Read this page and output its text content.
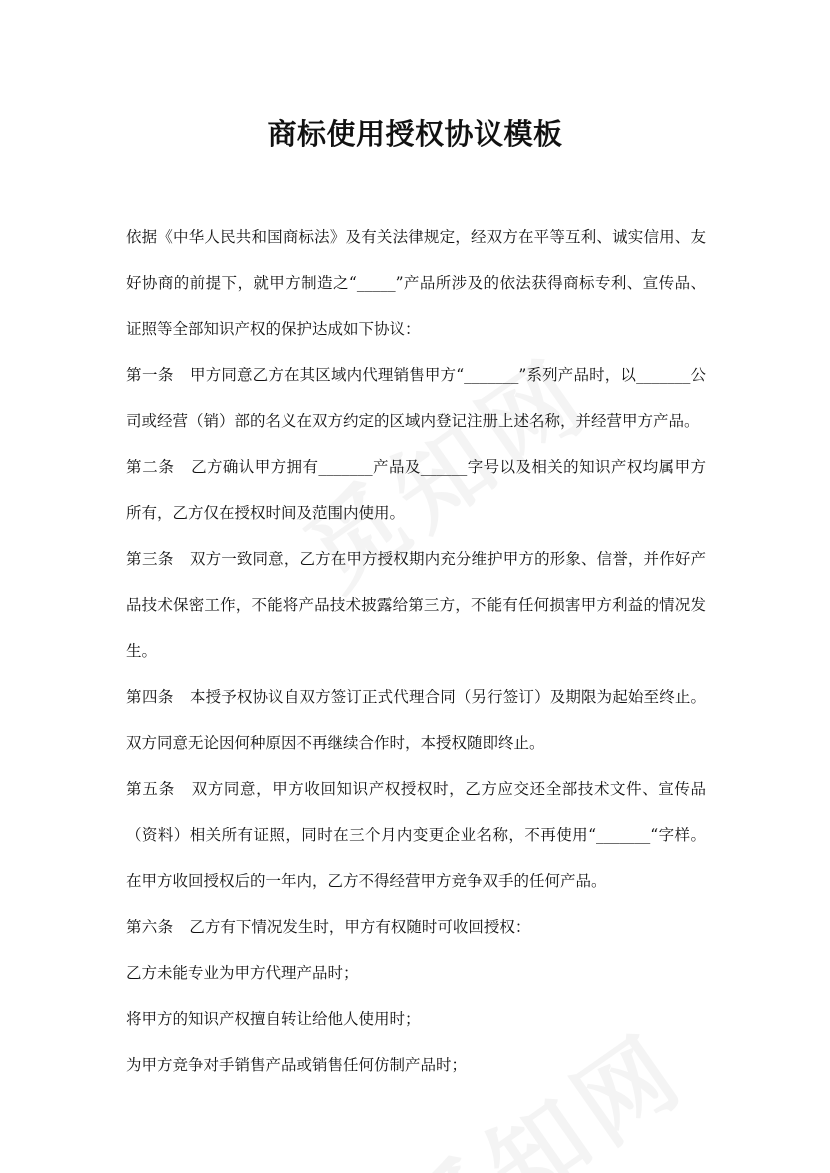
商标使用授权协议模板

依据《中华人民共和国商标法》及有关法律规定，经双方在平等互利、诚实信用、友好协商的前提下，就甲方制造之“_____”产品所涉及的依法获得商标专利、宣传品、证照等全部知识产权的保护达成如下协议：

第一条 甲方同意乙方在其区域内代理销售甲方“_______”系列产品时，以_______公司或经营（销）部的名义在双方约定的区域内登记注册上述名称，并经营甲方产品。

第二条 乙方确认甲方拥有_______产品及______字号以及相关的知识产权均属甲方所有，乙方仅在授权时间及范围内使用。

第三条 双方一致同意，乙方在甲方授权期内充分维护甲方的形象、信誉，并作好产品技术保密工作，不能将产品技术披露给第三方，不能有任何损害甲方利益的情况发生。

第四条 本授予权协议自双方签订正式代理合同（另行签订）及期限为起始至终止。双方同意无论因何种原因不再继续合作时，本授权随即终止。

第五条 双方同意，甲方收回知识产权授权时，乙方应交还全部技术文件、宣传品（资料）相关所有证照，同时在三个月内变更企业名称，不再使用“_______“字样。在甲方收回授权后的一年内，乙方不得经营甲方竞争双手的任何产品。

第六条 乙方有下情况发生时，甲方有权随时可收回授权：

乙方未能专业为甲方代理产品时；

将甲方的知识产权擅自转让给他人使用时；

为甲方竞争对手销售产品或销售任何仿制产品时；
